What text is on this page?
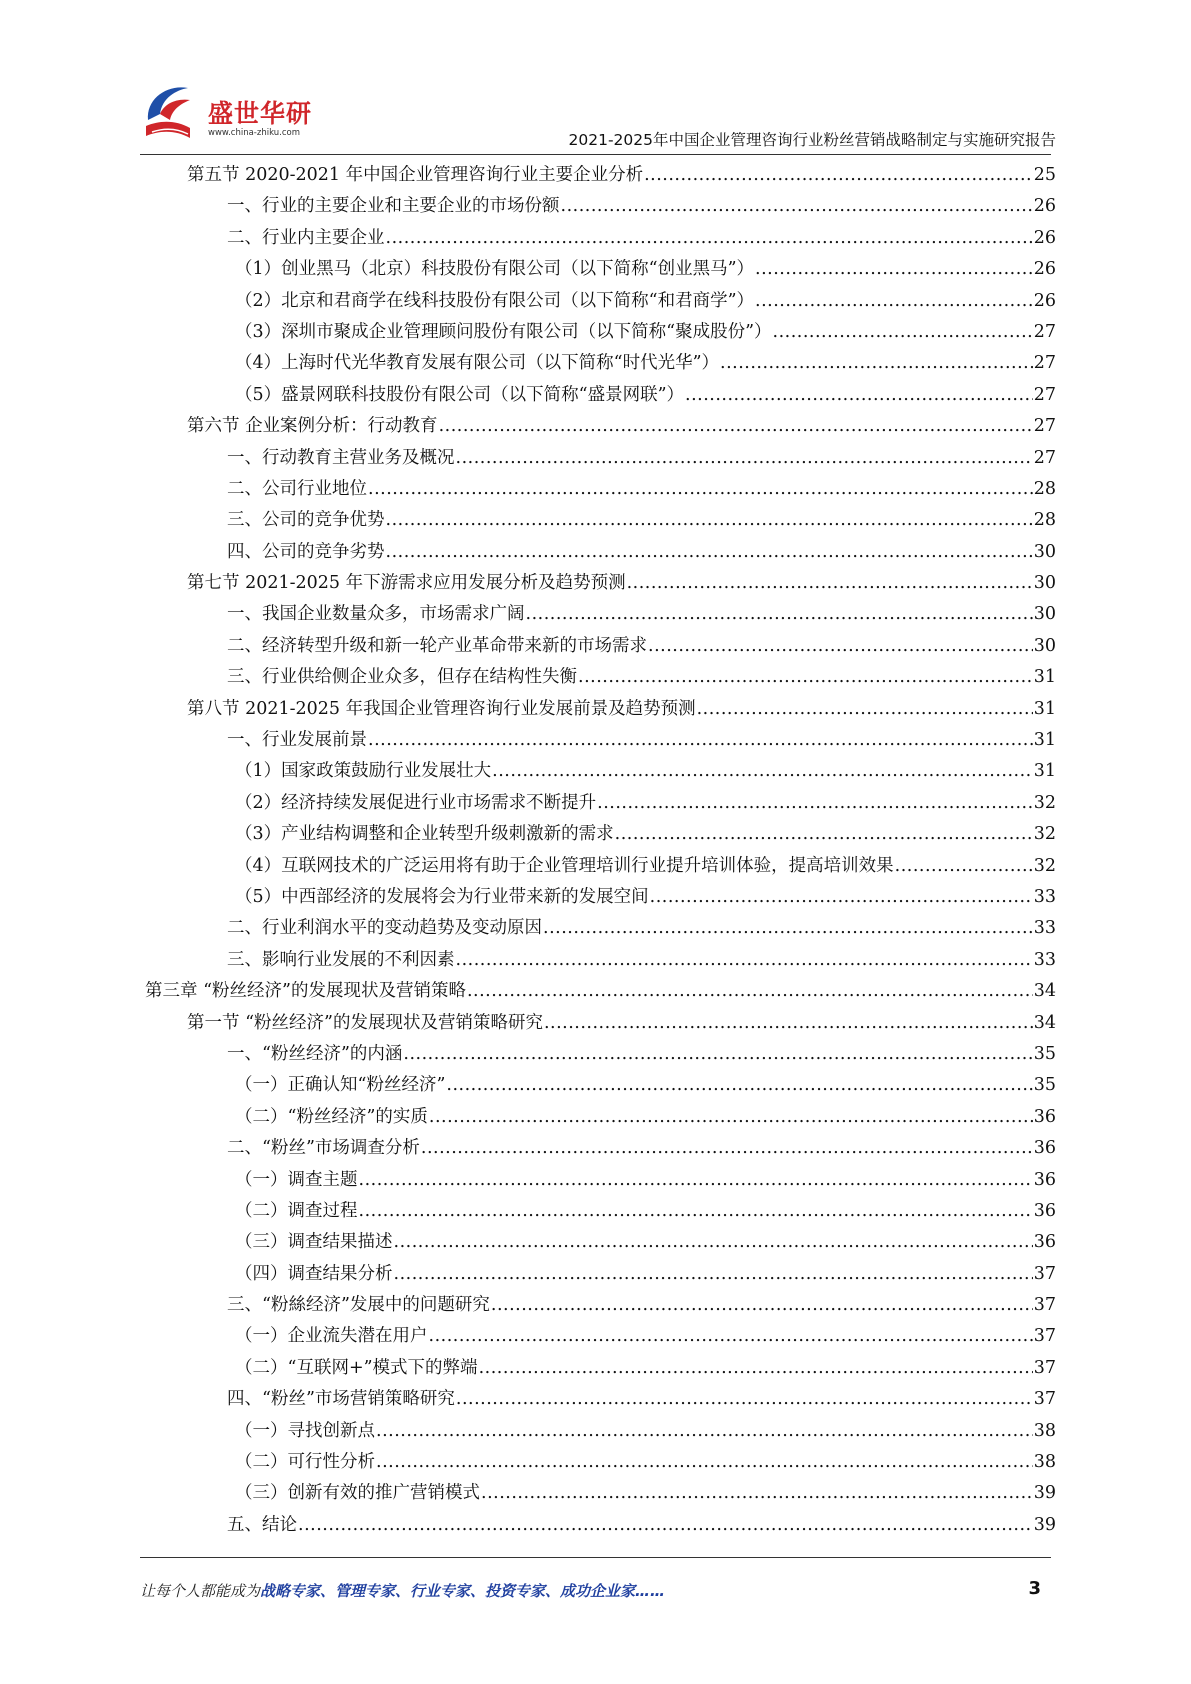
盛世华研
www.china-zhiku.com	2021-2025年中国企业管理咨询行业粉丝营销战略制定与实施研究报告
第五节 2020-2021 年中国企业管理咨询行业主要企业分析 .....	25
一、行业的主要企业和主要企业的市场份额 .....	26
二、行业内主要企业 .....	26
（1）创业黑马（北京）科技股份有限公司（以下简称“创业黑马”） .....	26
（2）北京和君商学在线科技股份有限公司（以下简称“和君商学”） .....	26
（3）深圳市聚成企业管理顾问股份有限公司（以下简称“聚成股份”） .....	27
（4）上海时代光华教育发展有限公司（以下简称“时代光华”） .....	27
（5）盛景网联科技股份有限公司（以下简称“盛景网联”） .....	27
第六节 企业案例分析：行动教育 .....	27
一、行动教育主营业务及概况 .....	27
二、公司行业地位 .....	28
三、公司的竞争优势 .....	28
四、公司的竞争劣势 .....	30
第七节 2021-2025 年下游需求应用发展分析及趋势预测 .....	30
一、我国企业数量众多，市场需求广阔 .....	30
二、经济转型升级和新一轮产业革命带来新的市场需求 .....	30
三、行业供给侧企业众多，但存在结构性失衡 .....	31
第八节 2021-2025 年我国企业管理咨询行业发展前景及趋势预测 .....	31
一、行业发展前景 .....	31
（1）国家政策鼓励行业发展壮大 .....	31
（2）经济持续发展促进行业市场需求不断提升 .....	32
（3）产业结构调整和企业转型升级刺激新的需求 .....	32
（4）互联网技术的广泛运用将有助于企业管理培训行业提升培训体验，提高培训效果 .....	32
（5）中西部经济的发展将会为行业带来新的发展空间 .....	33
二、行业利润水平的变动趋势及变动原因 .....	33
三、影响行业发展的不利因素 .....	33
第三章 “粉丝经济”的发展现状及营销策略 .....	34
第一节 “粉丝经济”的发展现状及营销策略研究 .....	34
一、“粉丝经济”的内涵 .....	35
（一）正确认知“粉丝经济” .....	35
（二）“粉丝经济”的实质 .....	36
二、“粉丝”市场调查分析 .....	36
（一）调查主题 .....	36
（二）调查过程 .....	36
（三）调查结果描述 .....	36
（四）调查结果分析 .....	37
三、“粉絲经济”发展中的问题研究 .....	37
（一）企业流失潜在用户 .....	37
（二）“互联网+”模式下的弊端 .....	37
四、“粉丝”市场营销策略研究 .....	37
（一）寻找创新点 .....	38
（二）可行性分析 .....	38
（三）创新有效的推广营销模式 .....	39
五、结论 .....	39
让每个人都能成为战略专家、管理专家、行业专家、投资专家、成功企业家……	3
